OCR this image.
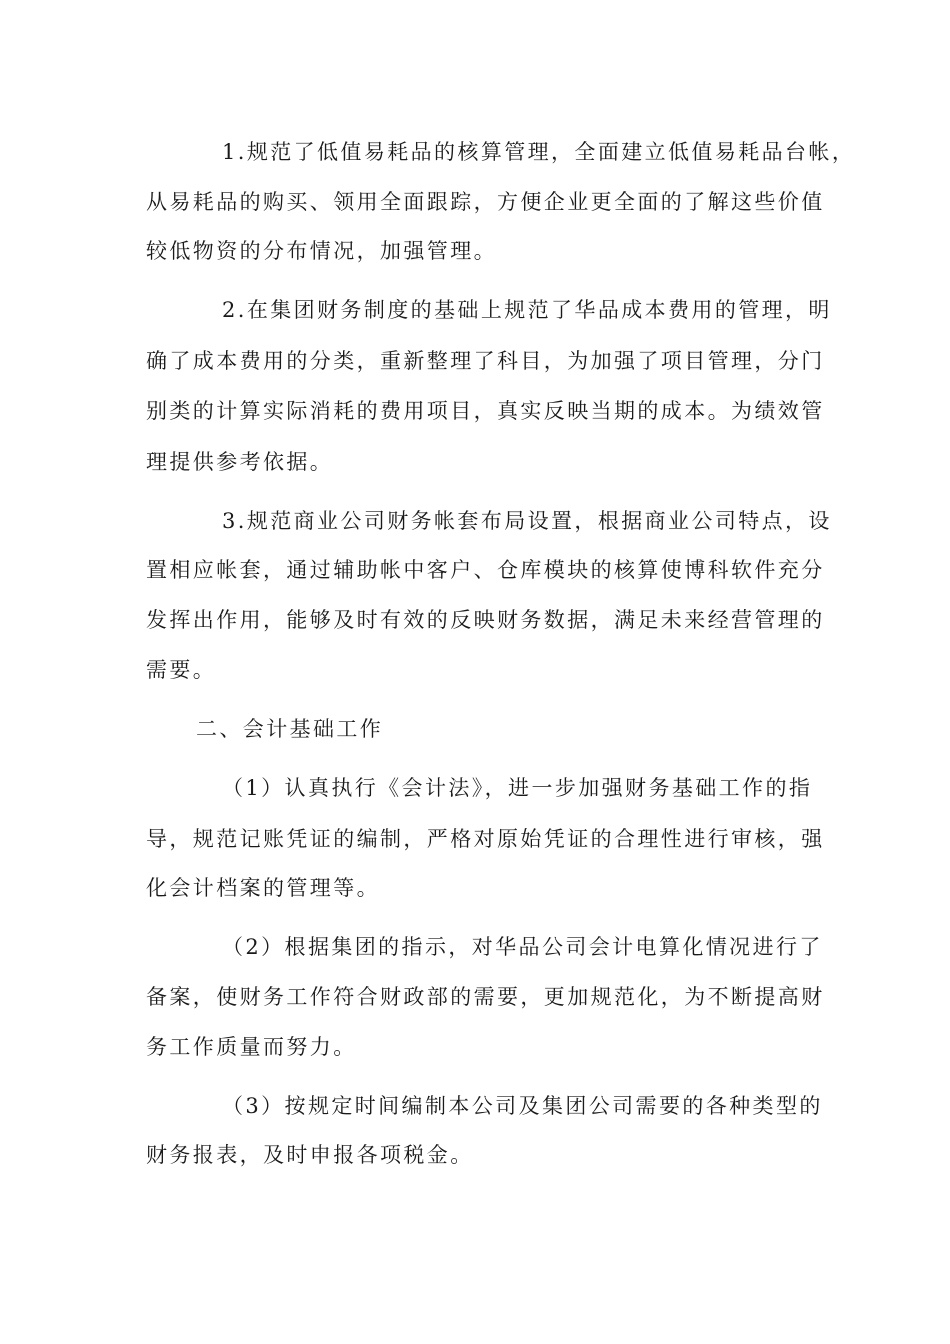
1.规范了低值易耗品的核算管理，全面建立低值易耗品台帐，
从易耗品的购买、领用全面跟踪，方便企业更全面的了解这些价值
较低物资的分布情况，加强管理。
2.在集团财务制度的基础上规范了华品成本费用的管理，明
确了成本费用的分类，重新整理了科目，为加强了项目管理，分门
别类的计算实际消耗的费用项目，真实反映当期的成本。为绩效管
理提供参考依据。
3.规范商业公司财务帐套布局设置，根据商业公司特点，设
置相应帐套，通过辅助帐中客户、仓库模块的核算使博科软件充分
发挥出作用，能够及时有效的反映财务数据，满足未来经营管理的
需要。
二、会计基础工作
（1）认真执行《会计法》，进一步加强财务基础工作的指
导，规范记账凭证的编制，严格对原始凭证的合理性进行审核，强
化会计档案的管理等。
（2）根据集团的指示，对华品公司会计电算化情况进行了
备案，使财务工作符合财政部的需要，更加规范化，为不断提高财
务工作质量而努力。
（3）按规定时间编制本公司及集团公司需要的各种类型的
财务报表，及时申报各项税金。
